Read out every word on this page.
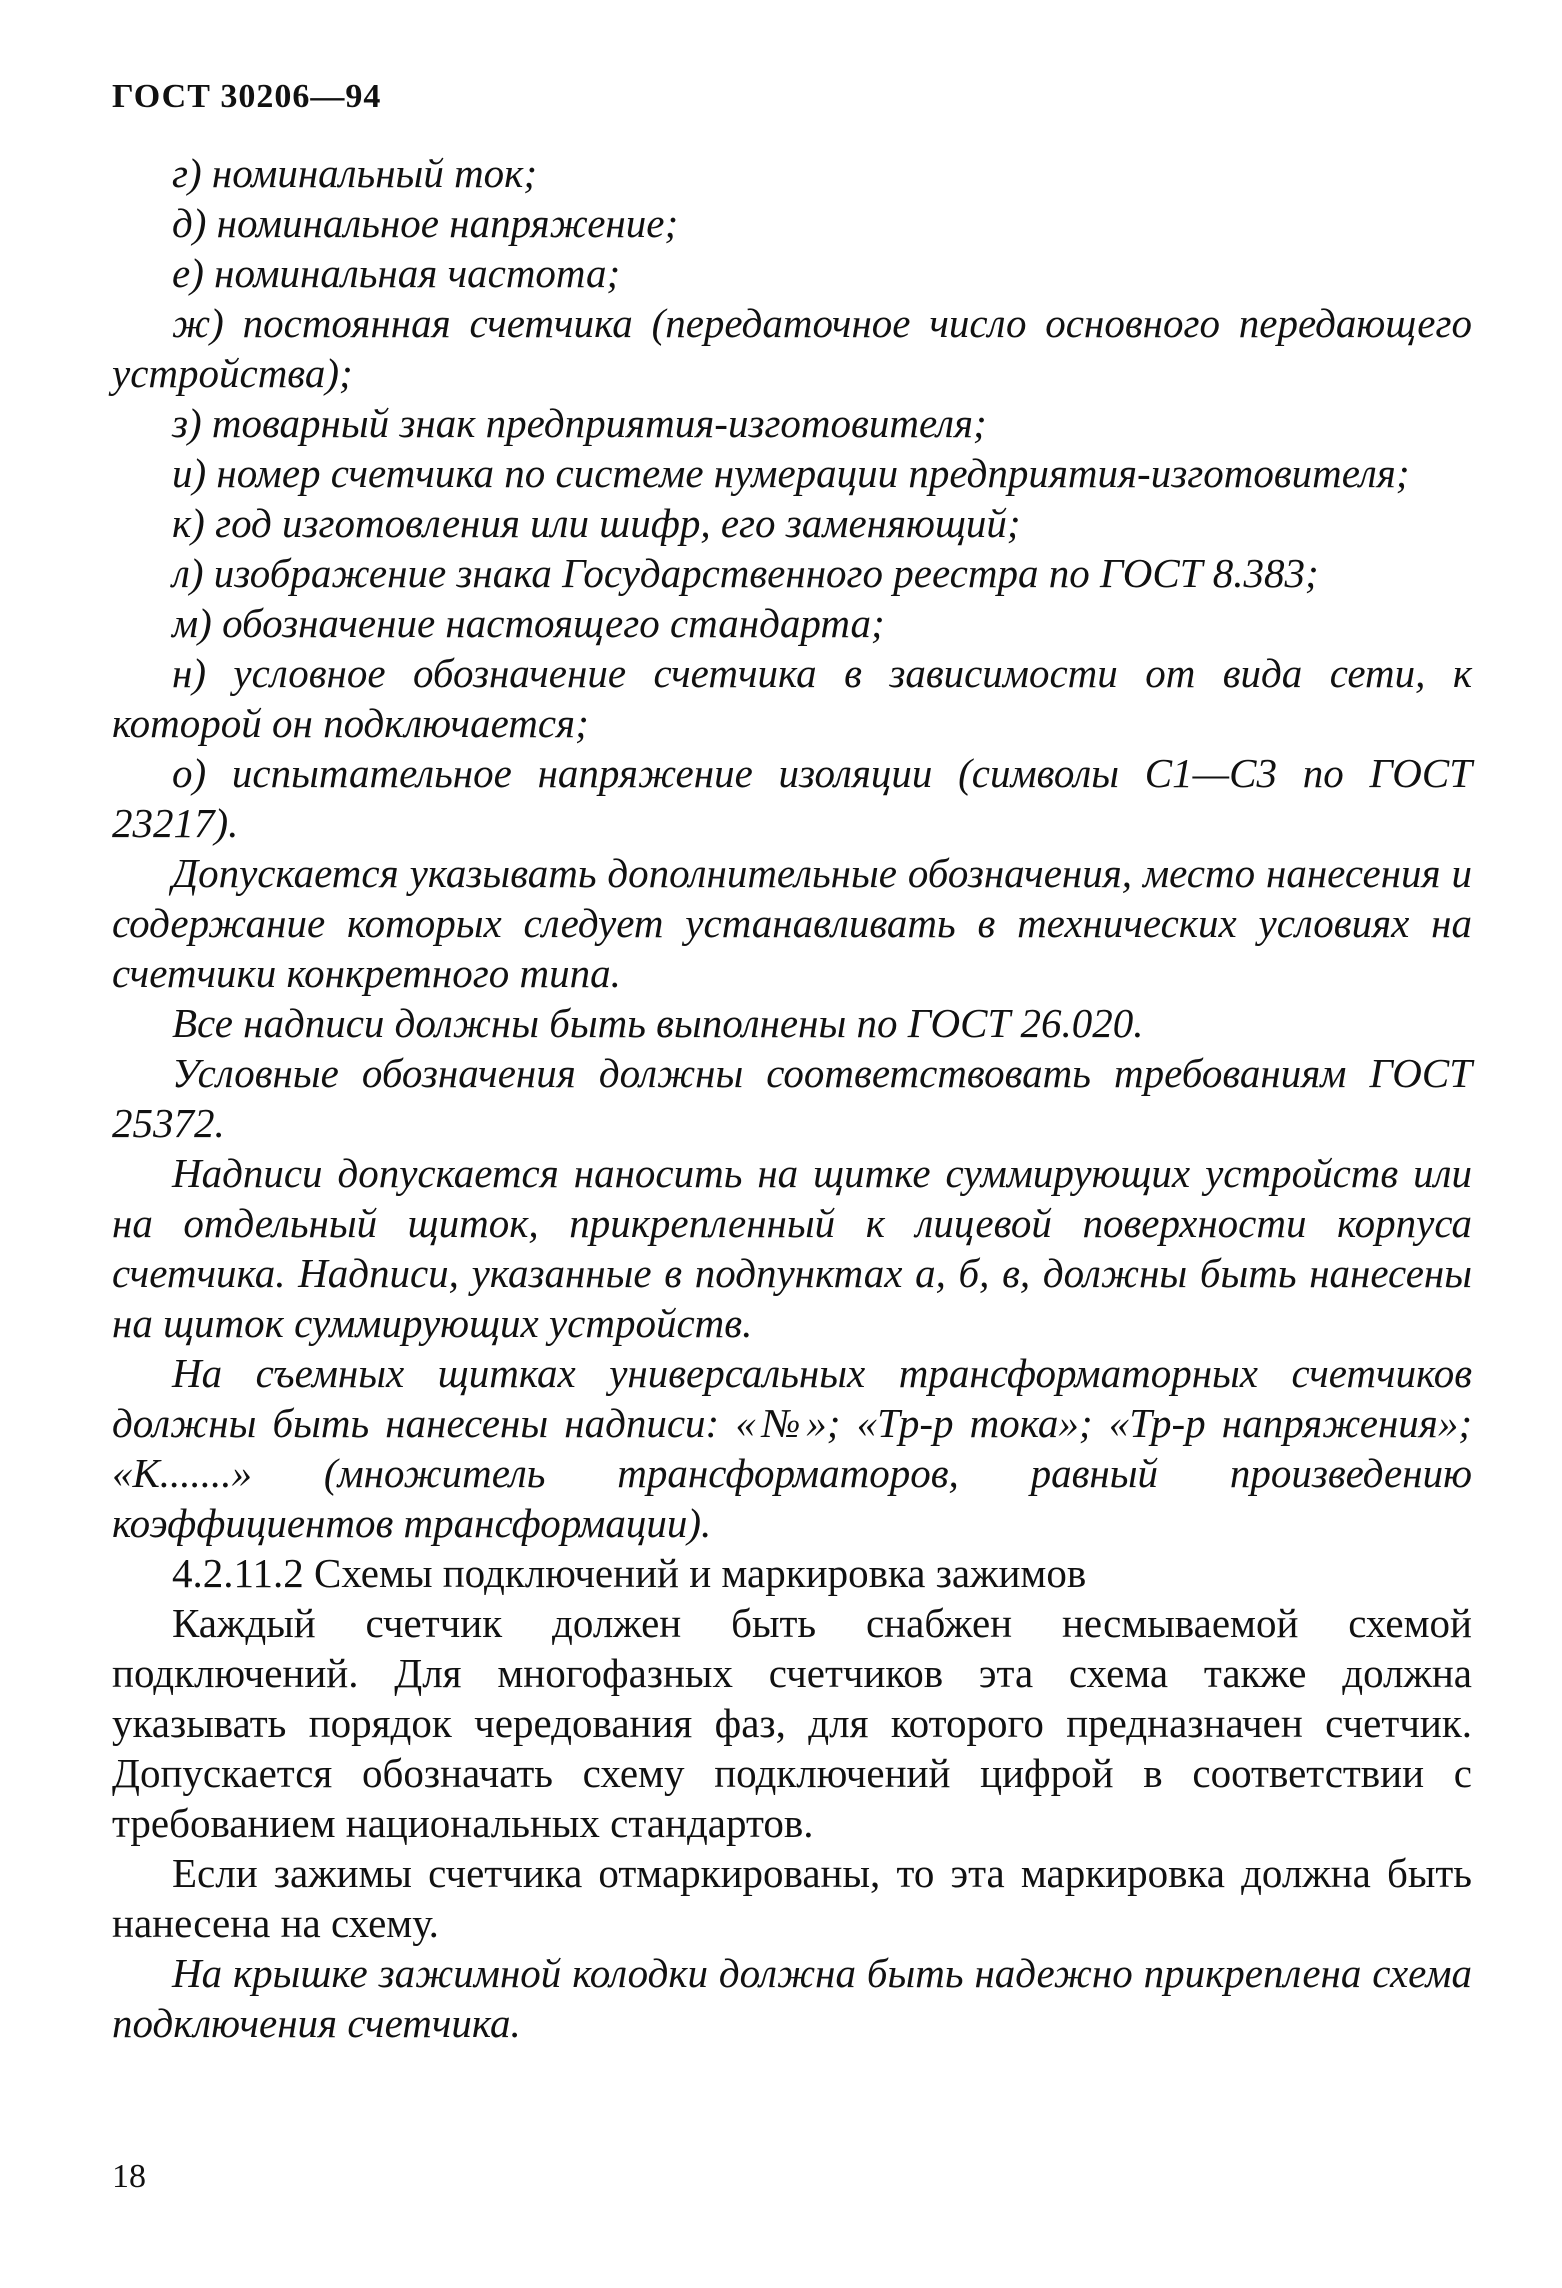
ГОСТ 30206—94

г) номинальный ток;

д) номинальное напряжение;

е) номинальная частота;

ж) постоянная счетчика (передаточное число основного передающего устройства);

з) товарный знак предприятия-изготовителя;

и) номер счетчика по системе нумерации предприятия-изготовителя;

к) год изготовления или шифр, его заменяющий;

л) изображение знака Государственного реестра по ГОСТ 8.383;

м) обозначение настоящего стандарта;

н) условное обозначение счетчика в зависимости от вида сети, к которой он подключается;

о) испытательное напряжение изоляции (символы C1—C3 по ГОСТ 23217).

Допускается указывать дополнительные обозначения, место нанесения и содержание которых следует устанавливать в технических условиях на счетчики конкретного типа.

Все надписи должны быть выполнены по ГОСТ 26.020.

Условные обозначения должны соответствовать требованиям ГОСТ 25372.

Надписи допускается наносить на щитке суммирующих устройств или на отдельный щиток, прикрепленный к лицевой поверхности корпуса счетчика. Надписи, указанные в подпунктах а, б, в, должны быть нанесены на щиток суммирующих устройств.

На съемных щитках универсальных трансформаторных счетчиков должны быть нанесены надписи: «№»; «Тр-р тока»; «Тр-р напряжения»; «К.......» (множитель трансформаторов, равный произведению коэффициентов трансформации).

4.2.11.2 Схемы подключений и маркировка зажимов

Каждый счетчик должен быть снабжен несмываемой схемой подключений. Для многофазных счетчиков эта схема также должна указывать порядок чередования фаз, для которого предназначен счетчик. Допускается обозначать схему подключений цифрой в соответствии с требованием национальных стандартов.

Если зажимы счетчика отмаркированы, то эта маркировка должна быть нанесена на схему.

На крышке зажимной колодки должна быть надежно прикреплена схема подключения счетчика.

18
